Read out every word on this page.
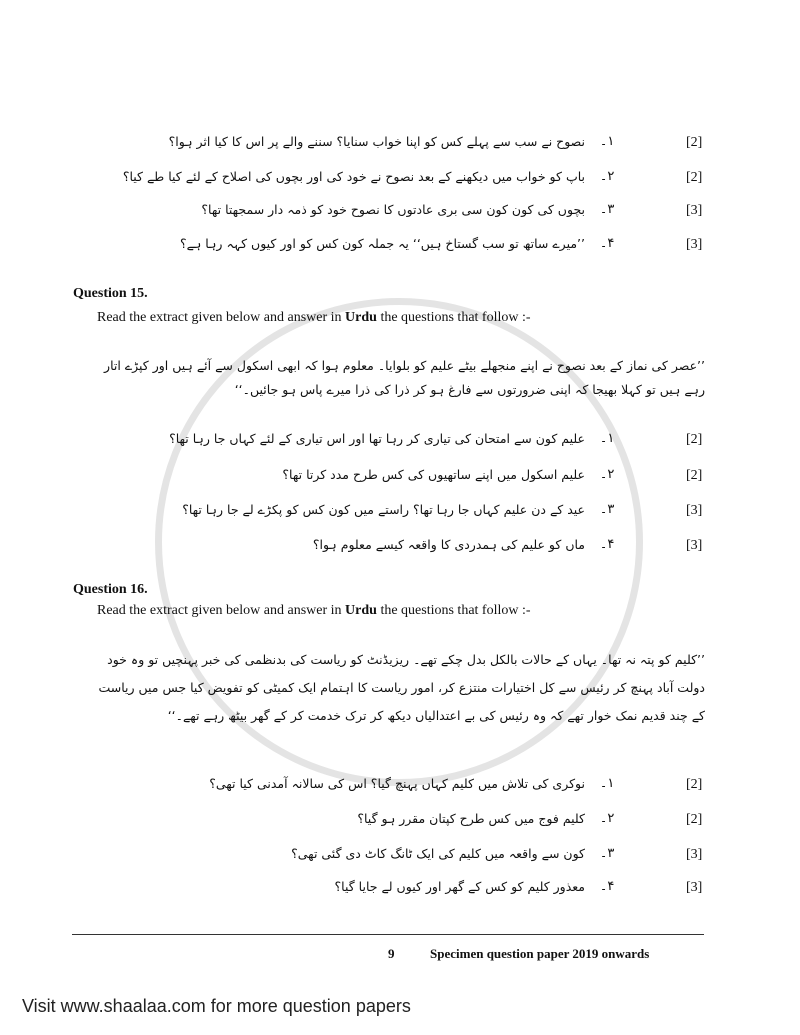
نصوح نے سب سے پہلے کس کو اپنا خواب سنایا؟ سننے والے پر اس کا کیا اثر ہوا؟ ۱۔	[2]
باپ کو خواب میں دیکھنے کے بعد نصوح نے خود کی اور بچوں کی اصلاح کے لئے کیا طے کیا؟ ۲۔	[2]
بچوں کی کون کون سی بری عادتوں کا نصوح خود کو ذمہ دار سمجھتا تھا؟ ۳۔	[3]
’’میرے ساتھ تو سب گستاخ ہیں‘‘ یہ جملہ کون کس کو اور کیوں کہہ رہا ہے؟ ۴۔	[3]
Question 15.
Read the extract given below and answer in Urdu the questions that follow :-
’’عصر کی نماز کے بعد نصوح نے اپنے منجھلے بیٹے علیم کو بلوایا۔ معلوم ہوا کہ ابھی اسکول سے آئے ہیں اور کپڑے اتار رہے ہیں تو کہلا بھیجا کہ اپنی ضرورتوں سے فارغ ہو کر ذرا کی ذرا میرے پاس ہو جائیں۔‘‘
علیم کون سے امتحان کی تیاری کر رہا تھا اور اس تیاری کے لئے کہاں جا رہا تھا؟ ۱۔	[2]
علیم اسکول میں اپنے ساتھیوں کی کس طرح مدد کرتا تھا؟ ۲۔	[2]
عید کے دن علیم کہاں جا رہا تھا؟ راستے میں کون کس کو پکڑے لے جا رہا تھا؟ ۳۔	[3]
ماں کو علیم کی ہمدردی کا واقعہ کیسے معلوم ہوا؟ ۴۔	[3]
Question 16.
Read the extract given below and answer in Urdu the questions that follow :-
’’کلیم کو پتہ نہ تھا۔ یہاں کے حالات بالکل بدل چکے تھے۔ ریزیڈنٹ کو ریاست کی بدنظمی کی خبر پہنچیں تو وہ خود دولت آباد پہنچ کر رئیس سے کل اختیارات منتزع کر، امور ریاست کا اہتمام ایک کمیٹی کو تفویض کیا جس میں ریاست کے چند قدیم نمک خوار تھے کہ وہ رئیس کی بے اعتدالیاں دیکھ کر ترک خدمت کر کے گھر بیٹھ رہے تھے۔‘‘
نوکری کی تلاش میں کلیم کہاں پہنچ گیا؟ اس کی سالانہ آمدنی کیا تھی؟ ۱۔	[2]
کلیم فوج میں کس طرح کپتان مقرر ہو گیا؟ ۲۔	[2]
کون سے واقعہ میں کلیم کی ایک ٹانگ کاٹ دی گئی تھی؟ ۳۔	[3]
معذور کلیم کو کس کے گھر اور کیوں لے جایا گیا؟ ۴۔	[3]
9	Specimen question paper 2019 onwards
Visit www.shaalaa.com for more question papers
